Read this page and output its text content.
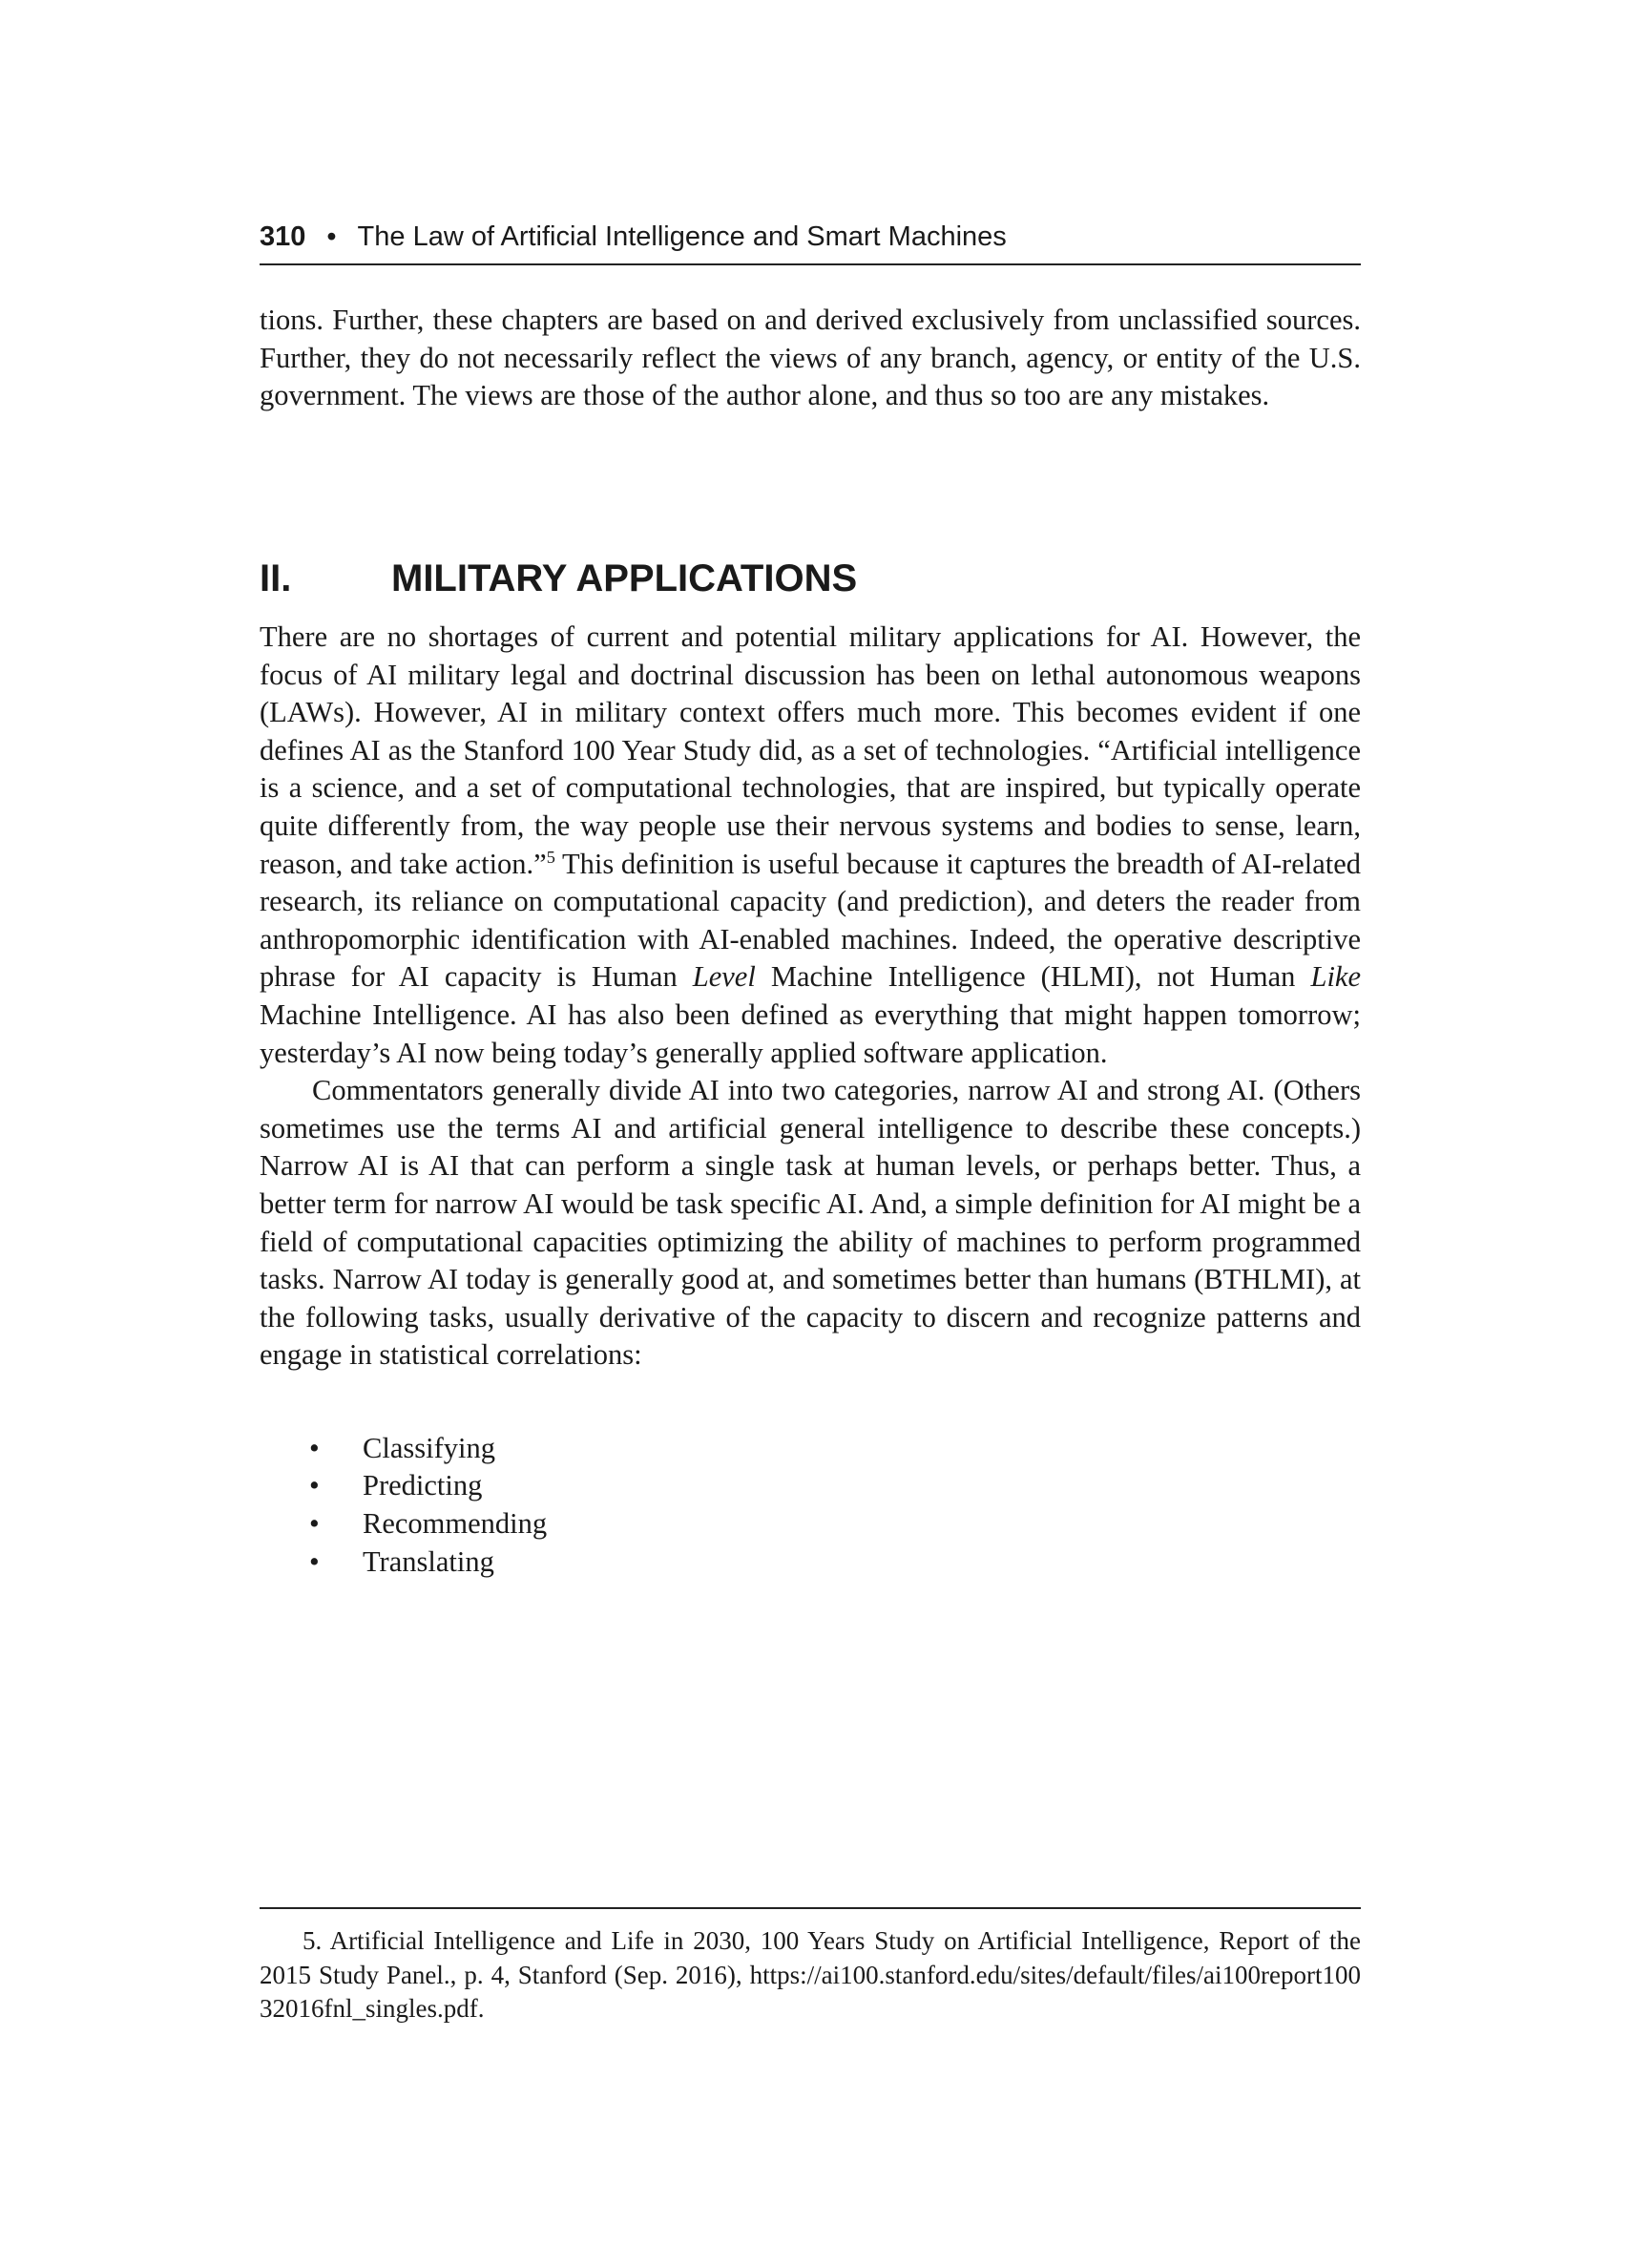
310 • The Law of Artificial Intelligence and Smart Machines

tions. Further, these chapters are based on and derived exclusively from unclassified sources. Further, they do not necessarily reflect the views of any branch, agency, or entity of the U.S. government. The views are those of the author alone, and thus so too are any mistakes.

II.	MILITARY APPLICATIONS

There are no shortages of current and potential military applications for AI. However, the focus of AI military legal and doctrinal discussion has been on lethal autonomous weapons (LAWs). However, AI in military context offers much more. This becomes evident if one defines AI as the Stanford 100 Year Study did, as a set of technologies. “Artificial intelligence is a science, and a set of computational technologies, that are inspired, but typically operate quite differently from, the way people use their nervous systems and bodies to sense, learn, reason, and take action.”$^5$ This definition is useful because it captures the breadth of AI-related research, its reliance on computational capacity (and prediction), and deters the reader from anthropomorphic identification with AI-enabled machines. Indeed, the operative descriptive phrase for AI capacity is Human Level Machine Intelligence (HLMI), not Human Like Machine Intelligence. AI has also been defined as everything that might happen tomorrow; yesterday’s AI now being today’s generally applied software application.

Commentators generally divide AI into two categories, narrow AI and strong AI. (Others sometimes use the terms AI and artificial general intelligence to describe these concepts.) Narrow AI is AI that can perform a single task at human levels, or perhaps better. Thus, a better term for narrow AI would be task specific AI. And, a simple definition for AI might be a field of computational capacities optimizing the ability of machines to perform programmed tasks. Narrow AI today is generally good at, and sometimes better than humans (BTHLMI), at the following tasks, usually derivative of the capacity to discern and recognize patterns and engage in statistical correlations:

• Classifying
• Predicting
• Recommending
• Translating

5. Artificial Intelligence and Life in 2030, 100 Years Study on Artificial Intelligence, Report of the 2015 Study Panel., p. 4, Stanford (Sep. 2016), https://ai100.stanford.edu/sites/default/files/ai100report10032016fnl_singles.pdf.
